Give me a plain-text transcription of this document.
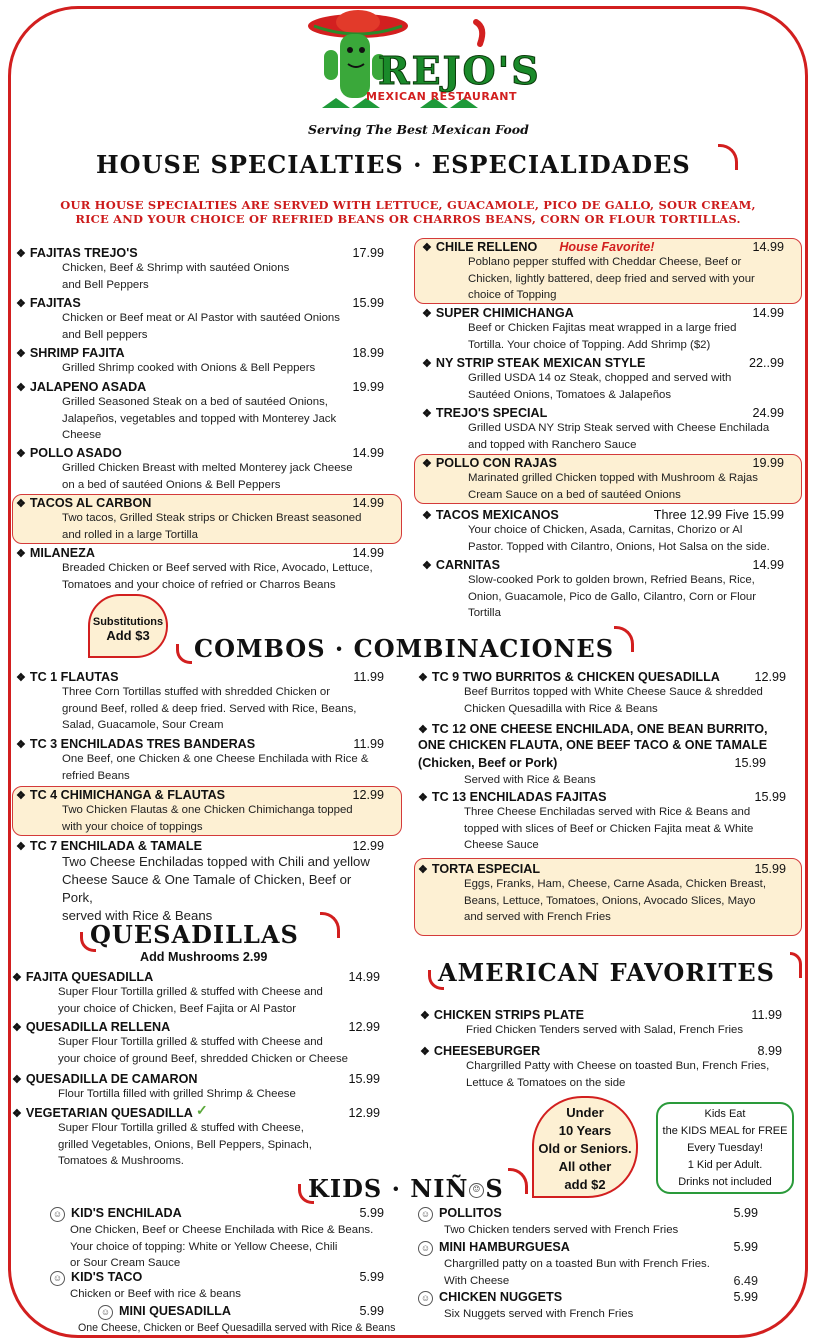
REJO'S
MEXICAN RESTAURANT
Serving The Best Mexican Food
HOUSE SPECIALTIES · ESPECIALIDADES
OUR HOUSE SPECIALTIES ARE SERVED WITH LETTUCE, GUACAMOLE, PICO DE GALLO, SOUR CREAM,
RICE AND YOUR CHOICE OF REFRIED BEANS OR CHARROS BEANS, CORN OR FLOUR TORTILLAS.
❖ FAJITAS TREJO'S	17.99
Chicken, Beef & Shrimp with sautéed Onions
and Bell Peppers
❖ FAJITAS	15.99
Chicken or Beef meat or Al Pastor with sautéed Onions
and Bell peppers
❖ SHRIMP FAJITA	18.99
Grilled Shrimp cooked with Onions & Bell Peppers
❖ JALAPENO ASADA	19.99
Grilled Seasoned Steak on a bed of sautéed Onions,
Jalapeños, vegetables and topped with Monterey Jack
Cheese
❖ POLLO ASADO	14.99
Grilled Chicken Breast with melted Monterey jack Cheese
on a bed of sautéed Onions & Bell Peppers
❖ TACOS AL CARBON	14.99
Two tacos, Grilled Steak strips or Chicken Breast seasoned
and rolled in a large Tortilla
❖ MILANEZA	14.99
Breaded Chicken or Beef served with Rice, Avocado, Lettuce,
Tomatoes and your choice of refried or Charros Beans
❖ CHILE RELLENO House Favorite!	14.99
Poblano pepper stuffed with Cheddar Cheese, Beef or
Chicken, lightly battered, deep fried and served with your
choice of Topping
❖ SUPER CHIMICHANGA	14.99
Beef or Chicken Fajitas meat wrapped in a large fried
Tortilla. Your choice of Topping. Add Shrimp ($2)
❖ NY STRIP STEAK MEXICAN STYLE	22..99
Grilled USDA 14 oz Steak, chopped and served with
Sautéed Onions, Tomatoes & Jalapeños
❖ TREJO'S SPECIAL	24.99
Grilled USDA NY Strip Steak served with Cheese Enchilada
and topped with Ranchero Sauce
❖ POLLO CON RAJAS	19.99
Marinated grilled Chicken topped with Mushroom & Rajas
Cream Sauce on a bed of sautéed Onions
❖ TACOS MEXICANOS	Three 12.99 Five 15.99
Your choice of Chicken, Asada, Carnitas, Chorizo or Al
Pastor. Topped with Cilantro, Onions, Hot Salsa on the side.
❖ CARNITAS	14.99
Slow-cooked Pork to golden brown, Refried Beans, Rice,
Onion, Guacamole, Pico de Gallo, Cilantro, Corn or Flour
Tortilla
Substitutions
Add $3	COMBOS · COMBINACIONES
❖ TC 1 FLAUTAS	11.99
Three Corn Tortillas stuffed with shredded Chicken or
ground Beef, rolled & deep fried. Served with Rice, Beans,
Salad, Guacamole, Sour Cream
❖ TC 3 ENCHILADAS TRES BANDERAS	11.99
One Beef, one Chicken & one Cheese Enchilada with Rice &
refried Beans
❖ TC 4 CHIMICHANGA & FLAUTAS	12.99
Two Chicken Flautas & one Chicken Chimichanga topped
with your choice of toppings
❖ TC 7 ENCHILADA & TAMALE	12.99
Two Cheese Enchiladas topped with Chili and yellow
Cheese Sauce & One Tamale of Chicken, Beef or Pork,
served with Rice & Beans
❖ TC 9 TWO BURRITOS & CHICKEN QUESADILLA	12.99
Beef Burritos topped with White Cheese Sauce & shredded
Chicken Quesadilla with Rice & Beans
❖ TC 12 ONE CHEESE ENCHILADA, ONE BEAN BURRITO,
ONE CHICKEN FLAUTA, ONE BEEF TACO & ONE TAMALE
(Chicken, Beef or Pork)	15.99
Served with Rice & Beans
❖ TC 13 ENCHILADAS FAJITAS	15.99
Three Cheese Enchiladas served with Rice & Beans and
topped with slices of Beef or Chicken Fajita meat & White
Cheese Sauce
❖ TORTA ESPECIAL	15.99
Eggs, Franks, Ham, Cheese, Carne Asada, Chicken Breast,
Beans, Lettuce, Tomatoes, Onions, Avocado Slices, Mayo
and served with French Fries
QUESADILLAS
Add Mushrooms 2.99
❖ FAJITA QUESADILLA	14.99
Super Flour Tortilla grilled & stuffed with Cheese and
your choice of Chicken, Beef Fajita or Al Pastor
❖ QUESADILLA RELLENA	12.99
Super Flour Tortilla grilled & stuffed with Cheese and
your choice of ground Beef, shredded Chicken or Cheese
❖ QUESADILLA DE CAMARON	15.99
Flour Tortilla filled with grilled Shrimp & Cheese
❖ VEGETARIAN QUESADILLA	12.99
Super Flour Tortilla grilled & stuffed with Cheese,
grilled Vegetables, Onions, Bell Peppers, Spinach,
Tomatoes & Mushrooms.
✓
AMERICAN FAVORITES
❖ CHICKEN STRIPS PLATE	11.99
Fried Chicken Tenders served with Salad, French Fries
❖ CHEESEBURGER	8.99
Chargrilled Patty with Cheese on toasted Bun, French Fries,
Lettuce & Tomatoes on the side
Under
10 Years
Old or Seniors.
All other
add $2
Kids Eat
the KIDS MEAL for FREE
Every Tuesday!
1 Kid per Adult.
Drinks not included
KIDS · NIÑ ☺ S
☺ KID'S ENCHILADA	5.99
One Chicken, Beef or Cheese Enchilada with Rice & Beans.
Your choice of topping: White or Yellow Cheese, Chili
or Sour Cream Sauce
☺ KID'S TACO	5.99
Chicken or Beef with rice & beans
☺ MINI QUESADILLA	5.99
One Cheese, Chicken or Beef Quesadilla served with Rice & Beans
☺ POLLITOS	5.99
Two Chicken tenders served with French Fries
☺ MINI HAMBURGUESA	5.99
Chargrilled patty on a toasted Bun with French Fries.
With Cheese	6.49
☺ CHICKEN NUGGETS	5.99
Six Nuggets served with French Fries
